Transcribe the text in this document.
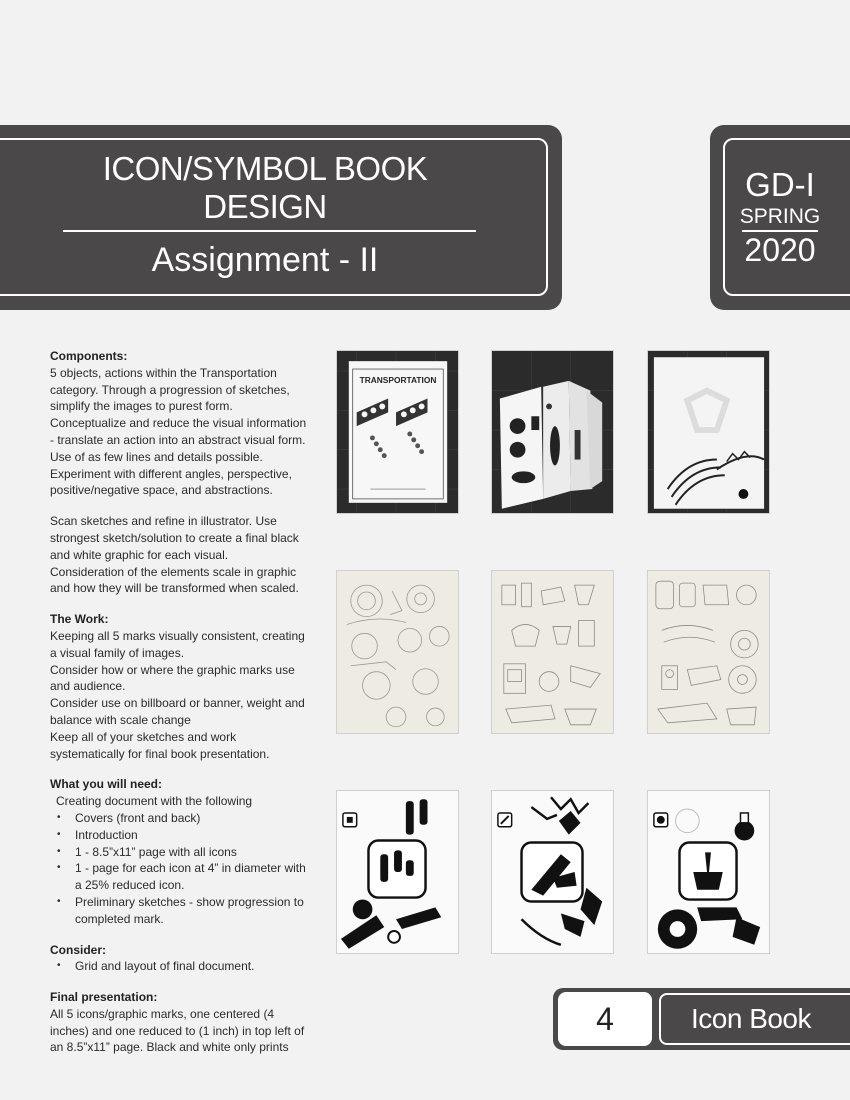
ICON/SYMBOL BOOK
DESIGN
Assignment - II
GD-I
SPRING
2020

Components:

5 objects, actions within the Transportation category. Through a progression of sketches, simplify the images to purest form. Conceptualize and reduce the visual information - translate an action into an abstract visual form. Use of as few lines and details possible. Experiment with different angles, perspective, positive/negative space, and abstractions.

Scan sketches and refine in illustrator. Use strongest sketch/solution to create a final black and white graphic for each visual.

Consideration of the elements scale in graphic and how they will be transformed when scaled.

The Work:

Keeping all 5 marks visually consistent, creating a visual family of images.

Consider how or where the graphic marks use and audience.

Consider use on billboard or banner, weight and balance with scale change

Keep all of your sketches and work systematically for final book presentation.

What you will need:

Creating document with the following

• Covers (front and back)
• Introduction
• 1 - 8.5”x11” page with all icons
• 1 - page for each icon at 4” in diameter with a 25% reduced icon.
• Preliminary sketches - show progression to completed mark.

Consider:

• Grid and layout of final document.

Final presentation:

All 5 icons/graphic marks, one centered (4 inches) and one reduced to (1 inch) in top left of an 8.5”x11” page. Black and white only prints

TRANSPORTATION
4	Icon Book
